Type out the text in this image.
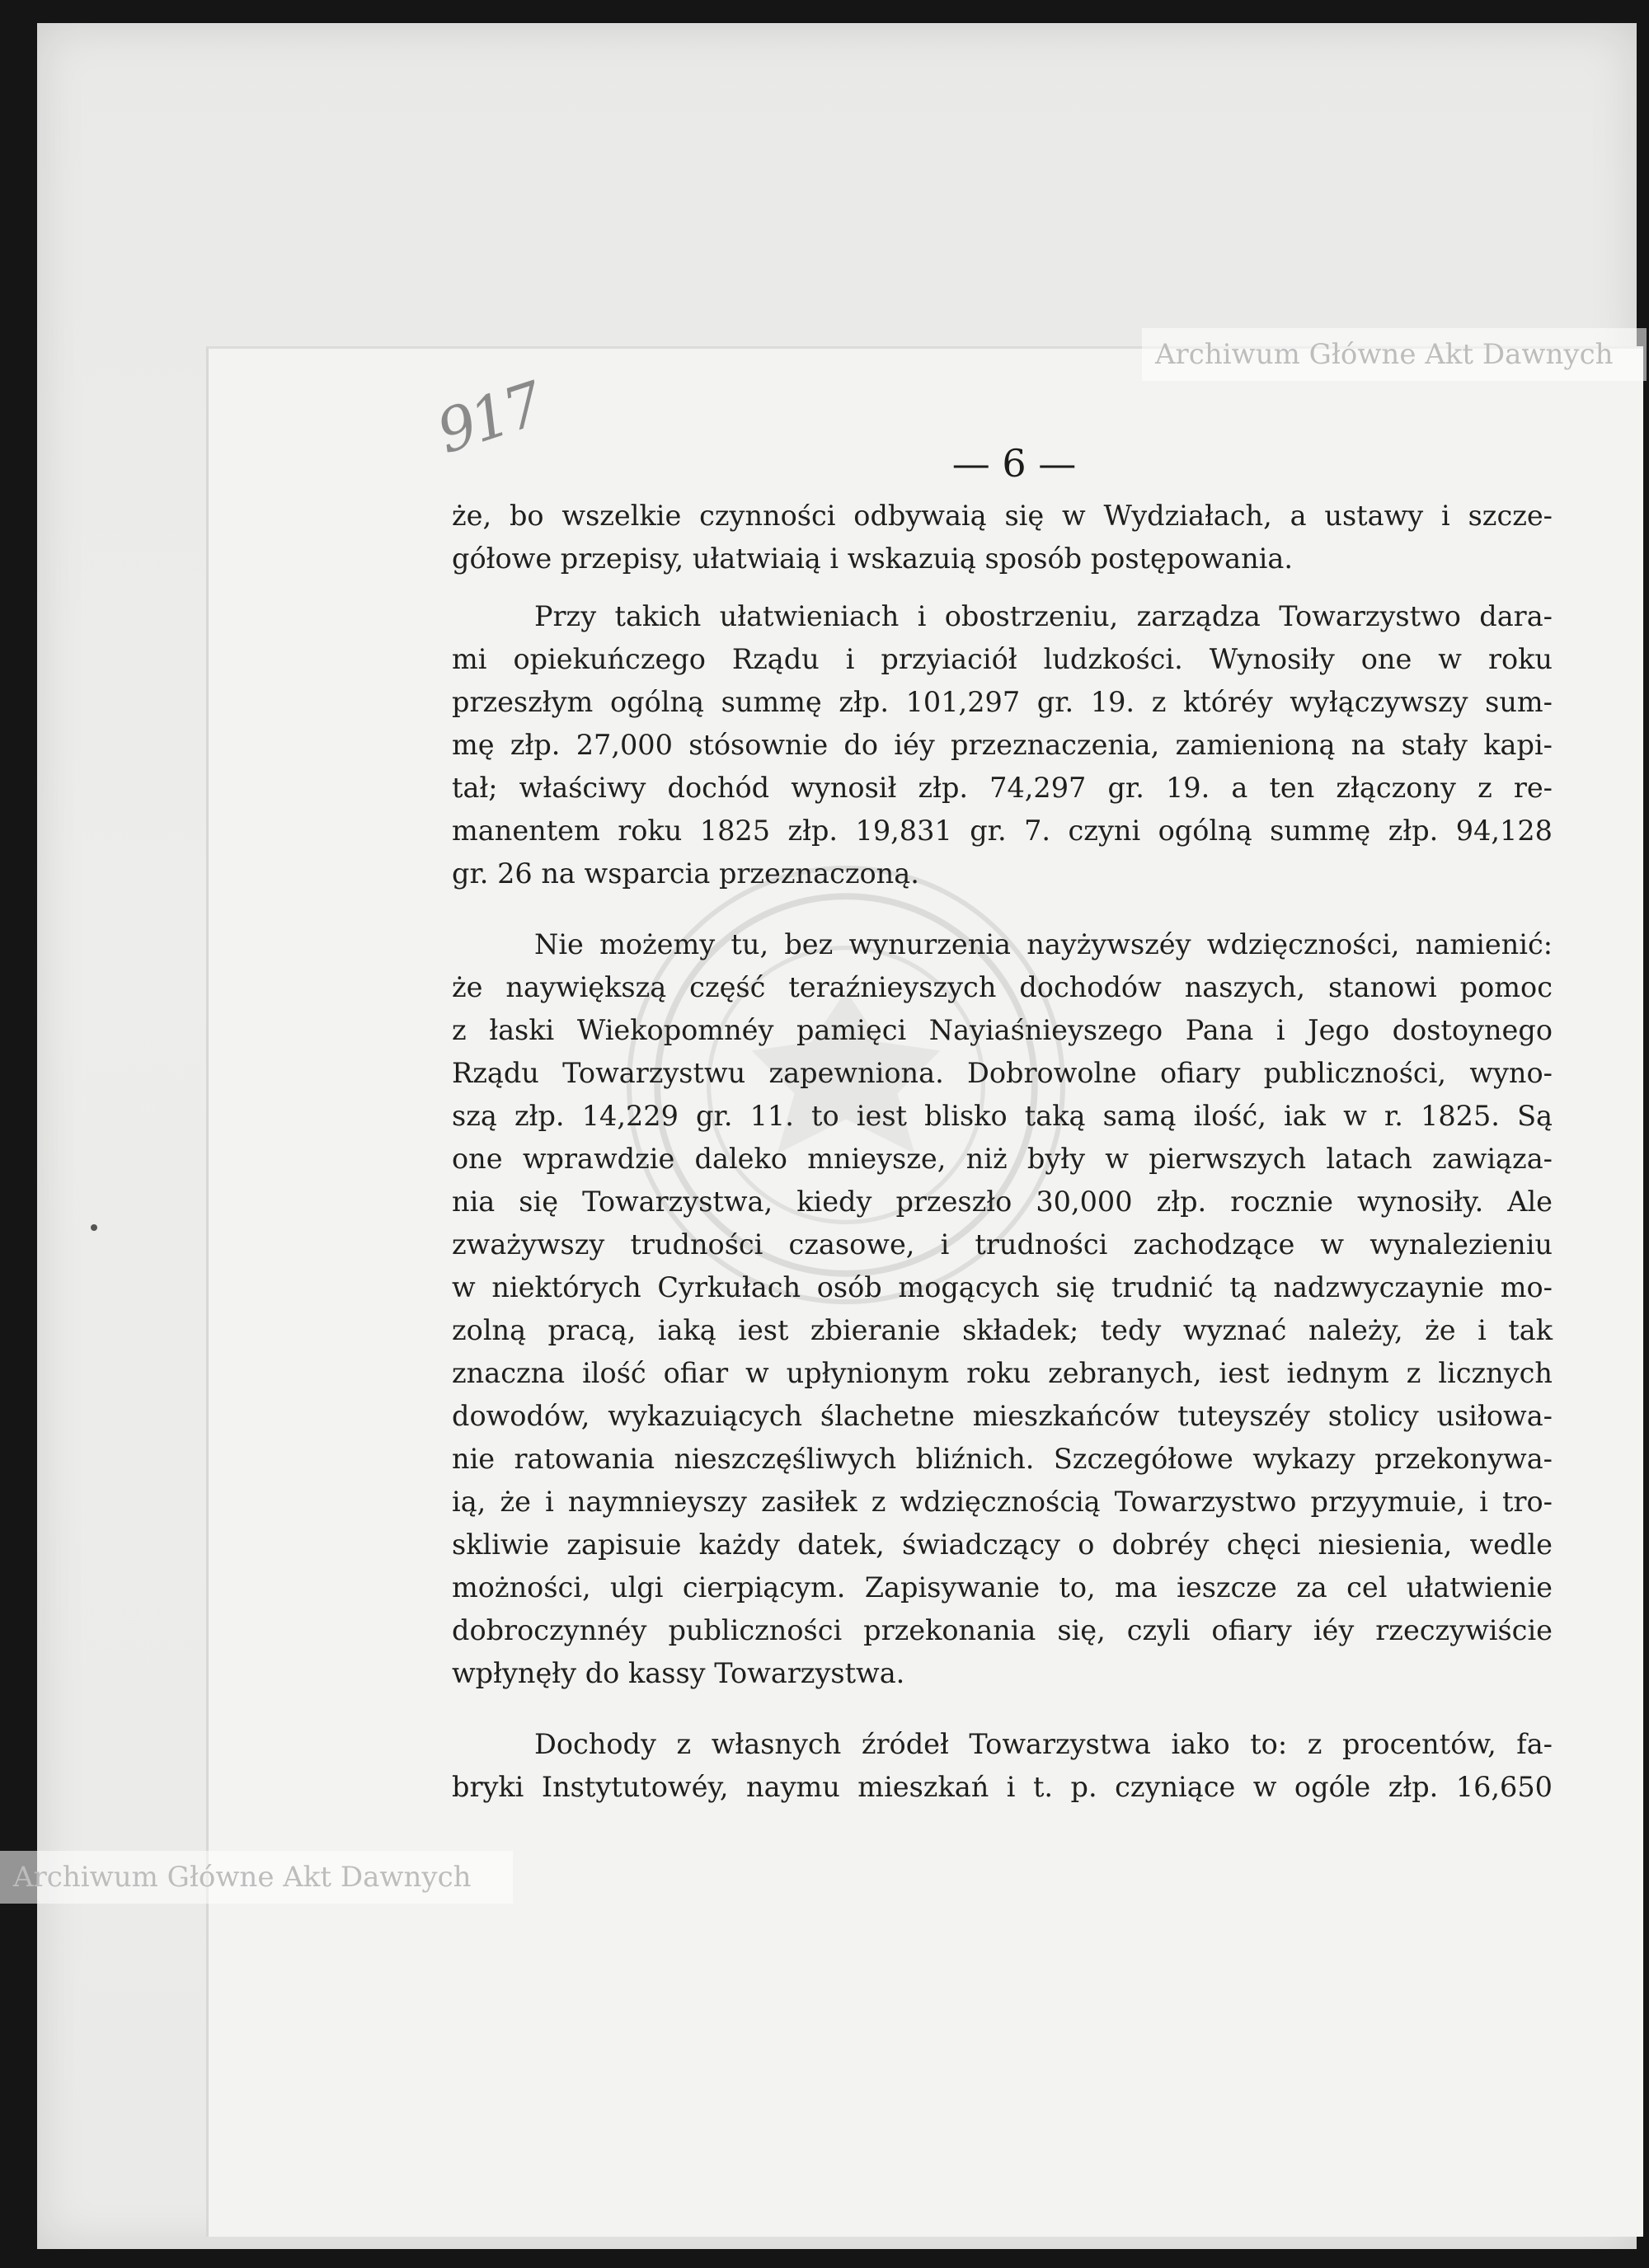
Archiwum Główne Akt Dawnych
Archiwum Główne Akt Dawnych
917	— 6 —
że, bo wszelkie czynności odbywaią się w Wydziałach, a ustawy i szcze-
gółowe przepisy, ułatwiaią i wskazuią sposób postępowania.
Przy takich ułatwieniach i obostrzeniu, zarządza Towarzystwo dara-
mi opiekuńczego Rządu i przyiaciół ludzkości. Wynosiły one w roku
przeszłym ogólną summę złp. 101,297 gr. 19. z któréy wyłączywszy sum-
mę złp. 27,000 stósownie do iéy przeznaczenia, zamienioną na stały kapi-
tał; właściwy dochód wynosił złp. 74,297 gr. 19. a ten złączony z re-
manentem roku 1825 złp. 19,831 gr. 7. czyni ogólną summę złp. 94,128
gr. 26 na wsparcia przeznaczoną.
Nie możemy tu, bez wynurzenia nayżywszéy wdzięczności, namienić:
że naywiększą część teraźnieyszych dochodów naszych, stanowi pomoc
z łaski Wiekopomnéy pamięci Nayiaśnieyszego Pana i Jego dostoynego
Rządu Towarzystwu zapewniona. Dobrowolne ofiary publiczności, wyno-
szą złp. 14,229 gr. 11. to iest blisko taką samą ilość, iak w r. 1825. Są
one wprawdzie daleko mnieysze, niż były w pierwszych latach zawiąza-
nia się Towarzystwa, kiedy przeszło 30,000 złp. rocznie wynosiły. Ale
zważywszy trudności czasowe, i trudności zachodzące w wynalezieniu
w niektórych Cyrkułach osób mogących się trudnić tą nadzwyczaynie mo-
zolną pracą, iaką iest zbieranie składek; tedy wyznać należy, że i tak
znaczna ilość ofiar w upłynionym roku zebranych, iest iednym z licznych
dowodów, wykazuiących ślachetne mieszkańców tuteyszéy stolicy usiłowa-
nie ratowania nieszczęśliwych bliźnich. Szczegółowe wykazy przekonywa-
ią, że i naymnieyszy zasiłek z wdzięcznością Towarzystwo przyymuie, i tro-
skliwie zapisuie każdy datek, świadczący o dobréy chęci niesienia, wedle
możności, ulgi cierpiącym. Zapisywanie to, ma ieszcze za cel ułatwienie
dobroczynnéy publiczności przekonania się, czyli ofiary iéy rzeczywiście
wpłynęły do kassy Towarzystwa.
Dochody z własnych źródeł Towarzystwa iako to: z procentów, fa-
bryki Instytutowéy, naymu mieszkań i t. p. czyniące w ogóle złp. 16,650
